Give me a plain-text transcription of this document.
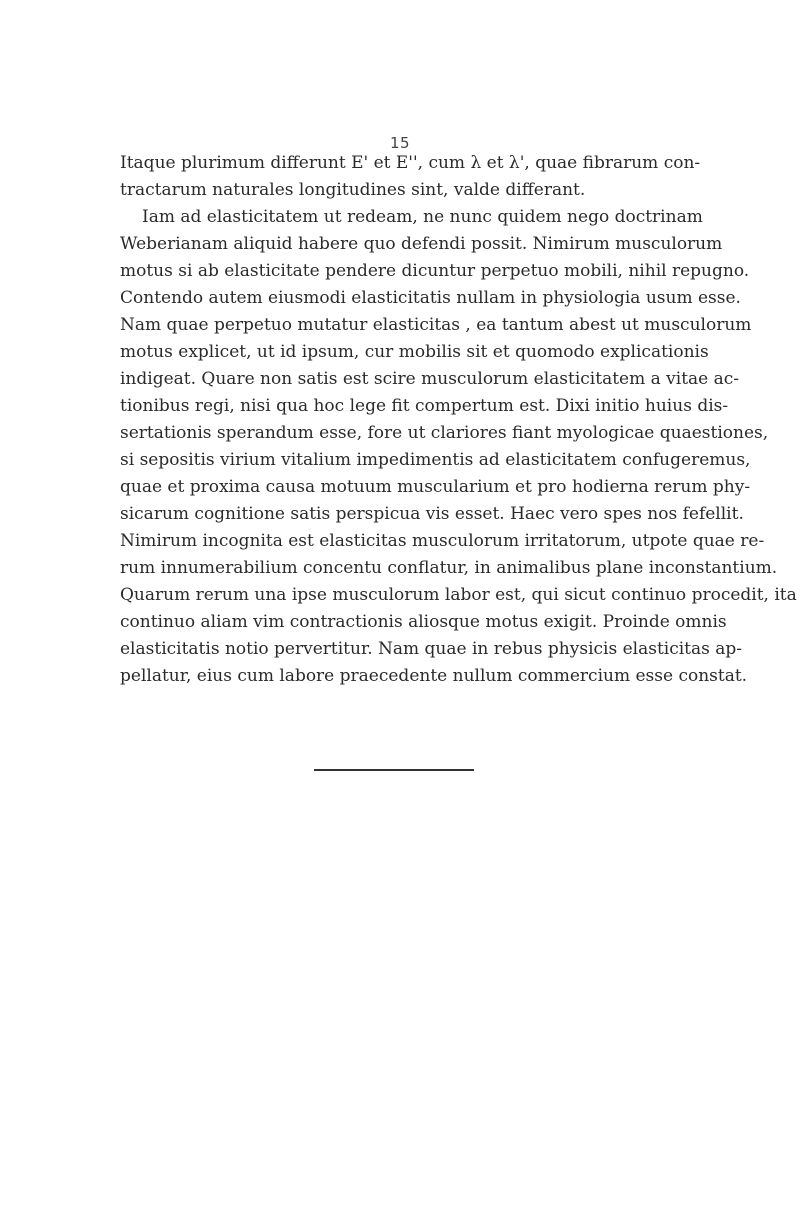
15
Itaque plurimum differunt E' et E'', cum λ et λ', quae fibrarum con-
tractarum naturales longitudines sint, valde differant.
Iam ad elasticitatem ut redeam, ne nunc quidem nego doctrinam
Weberianam aliquid habere quo defendi possit. Nimirum musculorum
motus si ab elasticitate pendere dicuntur perpetuo mobili, nihil repugno.
Contendo autem eiusmodi elasticitatis nullam in physiologia usum esse.
Nam quae perpetuo mutatur elasticitas , ea tantum abest ut musculorum
motus explicet, ut id ipsum, cur mobilis sit et quomodo explicationis
indigeat. Quare non satis est scire musculorum elasticitatem a vitae ac-
tionibus regi, nisi qua hoc lege fit compertum est. Dixi initio huius dis-
sertationis sperandum esse, fore ut clariores fiant myologicae quaestiones,
si sepositis virium vitalium impedimentis ad elasticitatem confugeremus,
quae et proxima causa motuum muscularium et pro hodierna rerum phy-
sicarum cognitione satis perspicua vis esset. Haec vero spes nos fefellit.
Nimirum incognita est elasticitas musculorum irritatorum, utpote quae re-
rum innumerabilium concentu conflatur, in animalibus plane inconstantium.
Quarum rerum una ipse musculorum labor est, qui sicut continuo procedit, ita
continuo aliam vim contractionis aliosque motus exigit. Proinde omnis
elasticitatis notio pervertitur. Nam quae in rebus physicis elasticitas ap-
pellatur, eius cum labore praecedente nullum commercium esse constat.
